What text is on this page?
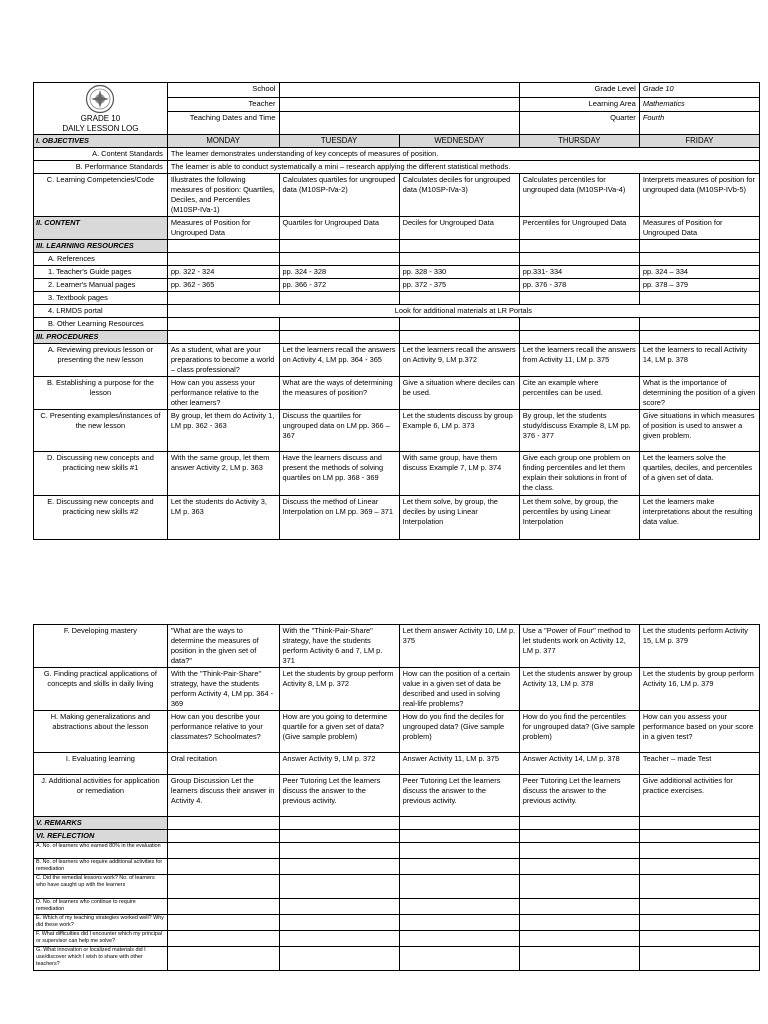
GRADE 10
DAILY LESSON LOG	School			Grade Level	Grade 10
	Teacher			Learning Area	Mathematics
	Teaching Dates and Time			Quarter	Fourth
I. OBJECTIVES	MONDAY	TUESDAY	WEDNESDAY	THURSDAY	FRIDAY
A. Content Standards	The learner demonstrates understanding of key concepts of measures of position.				
B. Performance Standards	The learner is able to conduct systematically a mini – research applying the different statistical methods.				
C. Learning Competencies/Code	Illustrates the following measures of position: Quartiles, Deciles, and Percentiles (M10SP-IVa-1)	Calculates quartiles for ungrouped data (M10SP-IVa-2)	Calculates deciles for ungrouped data (M10SP-IVa-3)	Calculates percentiles for ungrouped data (M10SP-IVa-4)	Interprets measures of position for ungrouped data (M10SP-IVb-5)
II. CONTENT	Measures of Position for Ungrouped Data	Quartiles for Ungrouped Data	Deciles for Ungrouped Data	Percentiles for Ungrouped Data	Measures of Position for Ungrouped Data
III. LEARNING RESOURCES					
A. References					
1. Teacher's Guide pages	pp. 322 - 324	pp. 324 - 328	pp. 328 - 330	pp.331- 334	pp. 324 – 334
2. Learner's Manual pages	pp. 362 - 365	pp. 366 - 372	pp. 372 - 375	pp. 376 - 378	pp. 378 – 379
3. Textbook pages					
4. LRMDS portal	Look for additional materials at LR Portals				
B. Other Learning Resources					
III. PROCEDURES					
A. Reviewing previous lesson or presenting the new lesson	As a student, what are your preparations to become a world – class professional?	Let the learners recall the answers on Activity 4, LM pp. 364 - 365	Let the learners recall the answers on Activity 9, LM p.372	Let the learners recall the answers from Activity 11, LM p. 375	Let the learners to recall Activity 14, LM p. 378
B. Establishing a purpose for the lesson	How can you assess your performance relative to the other learners?	What are the ways of determining the measures of position?	Give a situation where deciles can be used.	Cite an example where percentiles can be used.	What is the importance of determining the position of a given score?
C. Presenting examples/instances of the new lesson	By group, let them do Activity 1, LM pp. 362 - 363	Discuss the quartiles for ungrouped data on LM pp. 366 – 367	Let the students discuss by group Example 6, LM p. 373	By group, let the students study/discuss Example 8, LM pp. 376 - 377	Give situations in which measures of position is used to answer a given problem.
D. Discussing new concepts and practicing new skills #1	With the same group, let them answer Activity 2, LM p. 363	Have the learners discuss and present the methods of solving quartiles on LM pp. 368 - 369	With same group, have them discuss Example 7, LM p. 374	Give each group one problem on finding percentiles and let them explain their solutions in front of the class.	Let the learners solve the quartiles, deciles, and percentiles of a given set of data.
E. Discussing new concepts and practicing new skills #2	Let the students do Activity 3, LM p. 363	Discuss the method of Linear Interpolation on LM pp. 369 – 371	Let them solve, by group, the deciles by using Linear Interpolation	Let them solve, by group, the percentiles by using Linear Interpolation	Let the learners make interpretations about the resulting data value.
F. Developing mastery	"What are the ways to determine the measures of position in the given set of data?"	With the "Think-Pair-Share" strategy, have the students perform Activity 6 and 7, LM p. 371	Let them answer Activity 10, LM p. 375	Use a "Power of Four" method to let students work on Activity 12, LM p. 377	Let the students perform Activity 15, LM p. 379
G. Finding practical applications of concepts and skills in daily living	With the "Think-Pair-Share" strategy, have the students perform Activity 4, LM pp. 364 - 369	Let the students by group perform Activity 8, LM p. 372	How can the position of a certain value in a given set of data be described and used in solving real-life problems?	Let the students answer by group Activity 13, LM p. 378	Let the students by group perform Activity 16, LM p. 379
H. Making generalizations and abstractions about the lesson	How can you describe your performance relative to your classmates? Schoolmates?	How are you going to determine quartile for a given set of data? (Give sample problem)	How do you find the deciles for ungrouped data? (Give sample problem)	How do you find the percentiles for ungrouped data? (Give sample problem)	How can you assess your performance based on your score in a given test?
I. Evaluating learning	Oral recitation	Answer Activity 9, LM p. 372	Answer Activity 11, LM p. 375	Answer Activity 14, LM p. 378	Teacher – made Test
J. Additional activities for application or remediation	Group Discussion Let the learners discuss their answer in Activity 4.	Peer Tutoring Let the learners discuss the answer to the previous activity.	Peer Tutoring Let the learners discuss the answer to the previous activity.	Peer Tutoring Let the learners discuss the answer to the previous activity.	Give additional activities for practice exercises.
V. REMARKS					
VI. REFLECTION					
A. No. of learners who earned 80% in the evaluation					
B. No. of learners who require additional activities for remediation					
C. Did the remedial lessons work? No. of learners who have caught up with the learners					
D. No. of learners who continue to require remediation					
E. Which of my teaching strategies worked well? Why did these work?					
F. What difficulties did I encounter which my principal or supervisor can help me solve?					
G. What innovation or localized materials did I use/discover which I wish to share with other teachers?					
